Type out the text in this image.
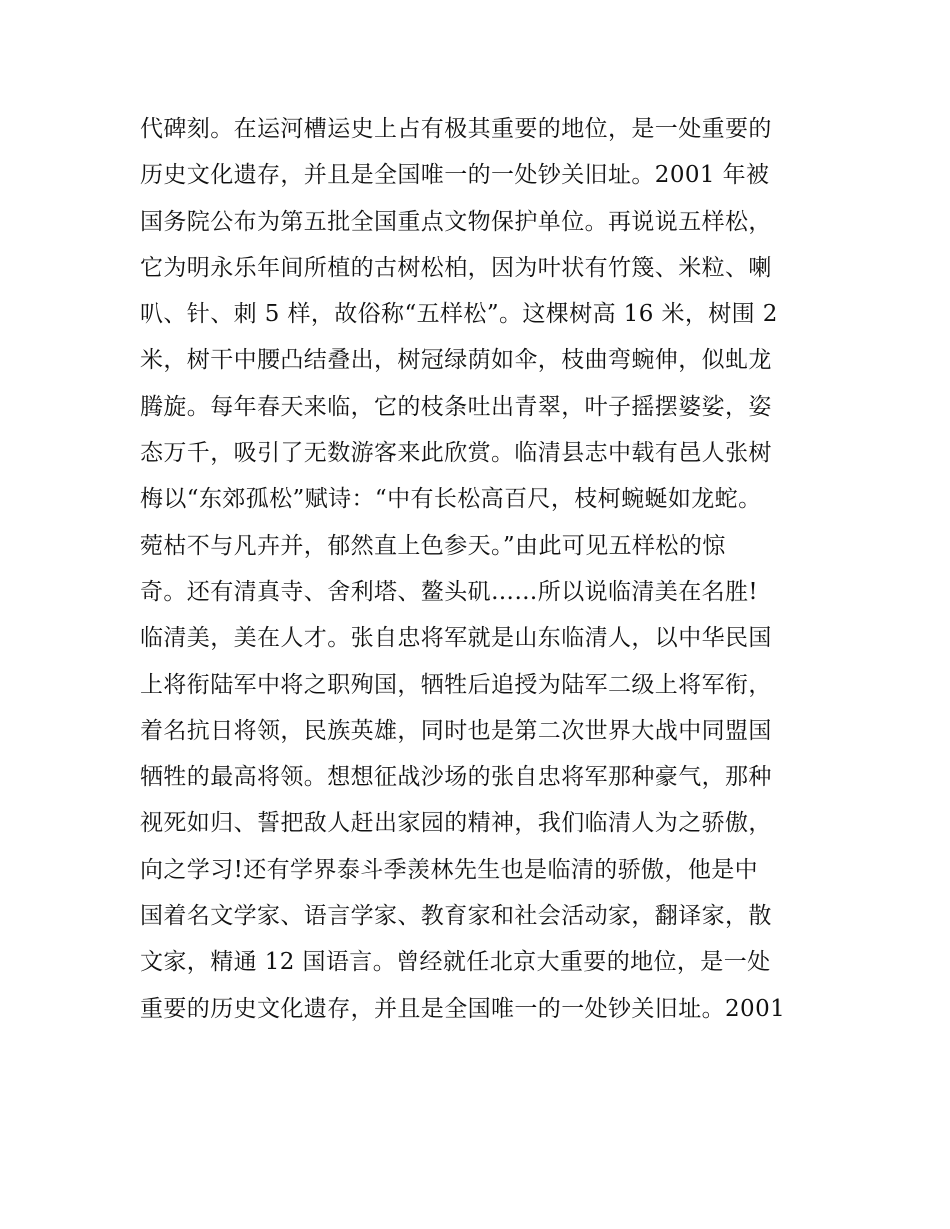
代碑刻。在运河槽运史上占有极其重要的地位，是一处重要的
历史文化遗存，并且是全国唯一的一处钞关旧址。2001 年被
国务院公布为第五批全国重点文物保护单位。再说说五样松，
它为明永乐年间所植的古树松柏，因为叶状有竹篾、米粒、喇
叭、针、刺 5 样，故俗称“五样松”。这棵树高 16 米，树围 2
米，树干中腰凸结叠出，树冠绿荫如伞，枝曲弯蜿伸，似虬龙
腾旋。每年春天来临，它的枝条吐出青翠，叶子摇摆婆娑，姿
态万千，吸引了无数游客来此欣赏。临清县志中载有邑人张树
梅以“东郊孤松”赋诗：“中有长松高百尺，枝柯蜿蜒如龙蛇。
菀枯不与凡卉并，郁然直上色参天。”由此可见五样松的惊
奇。还有清真寺、舍利塔、鳌头矶……所以说临清美在名胜!
临清美，美在人才。张自忠将军就是山东临清人，以中华民国
上将衔陆军中将之职殉国，牺牲后追授为陆军二级上将军衔，
着名抗日将领，民族英雄，同时也是第二次世界大战中同盟国
牺牲的最高将领。想想征战沙场的张自忠将军那种豪气，那种
视死如归、誓把敌人赶出家园的精神，我们临清人为之骄傲，
向之学习!还有学界泰斗季羡林先生也是临清的骄傲，他是中
国着名文学家、语言学家、教育家和社会活动家，翻译家，散
文家，精通 12 国语言。曾经就任北京大重要的地位，是一处
重要的历史文化遗存，并且是全国唯一的一处钞关旧址。2001
